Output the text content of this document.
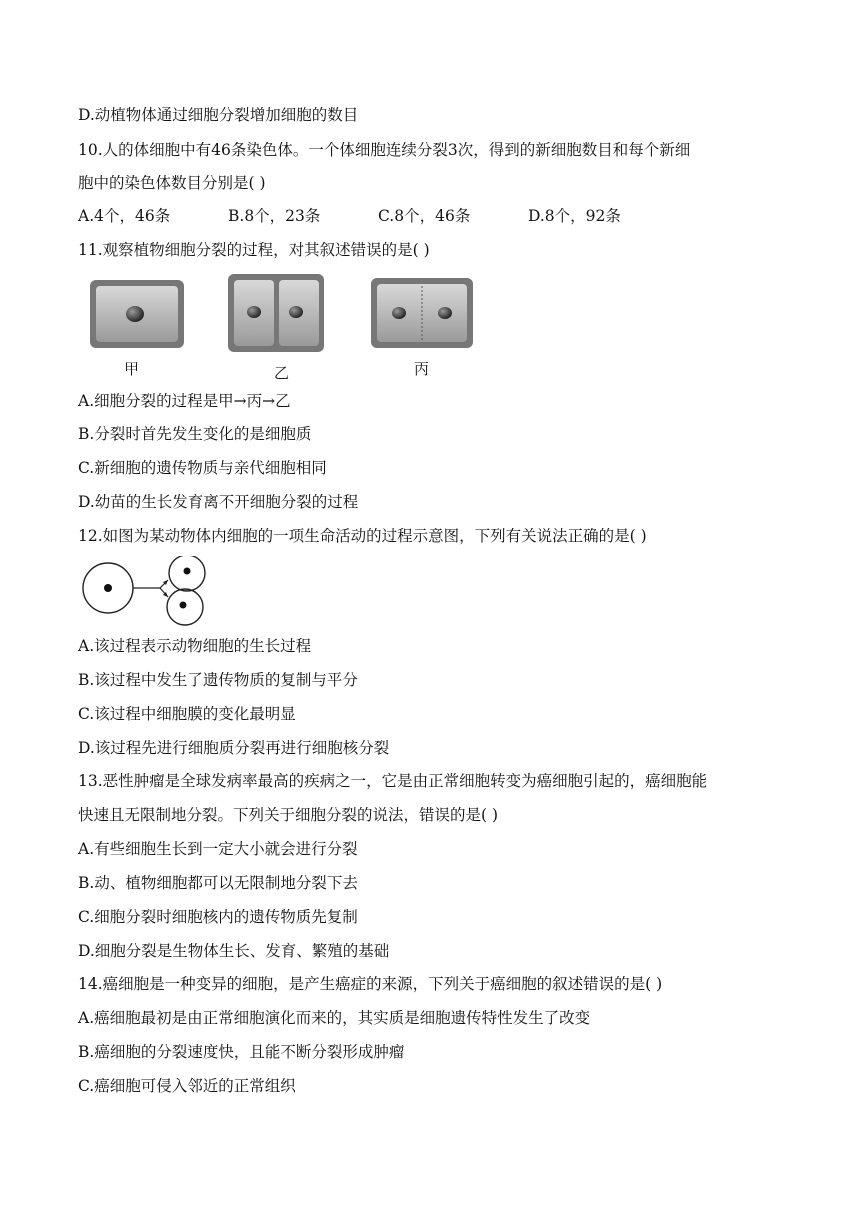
D.动植物体通过细胞分裂增加细胞的数目
10.人的体细胞中有46条染色体。一个体细胞连续分裂3次，得到的新细胞数目和每个新细
胞中的染色体数目分别是( )
A.4个，46条	B.8个，23条	C.8个，46条	D.8个，92条
11.观察植物细胞分裂的过程，对其叙述错误的是( )
甲	乙	丙
A.细胞分裂的过程是甲→丙→乙
B.分裂时首先发生变化的是细胞质
C.新细胞的遗传物质与亲代细胞相同
D.幼苗的生长发育离不开细胞分裂的过程
12.如图为某动物体内细胞的一项生命活动的过程示意图，下列有关说法正确的是( )
A.该过程表示动物细胞的生长过程
B.该过程中发生了遗传物质的复制与平分
C.该过程中细胞膜的变化最明显
D.该过程先进行细胞质分裂再进行细胞核分裂
13.恶性肿瘤是全球发病率最高的疾病之一，它是由正常细胞转变为癌细胞引起的，癌细胞能
快速且无限制地分裂。下列关于细胞分裂的说法，错误的是( )
A.有些细胞生长到一定大小就会进行分裂
B.动、植物细胞都可以无限制地分裂下去
C.细胞分裂时细胞核内的遗传物质先复制
D.细胞分裂是生物体生长、发育、繁殖的基础
14.癌细胞是一种变异的细胞，是产生癌症的来源，下列关于癌细胞的叙述错误的是( )
A.癌细胞最初是由正常细胞演化而来的，其实质是细胞遗传特性发生了改变
B.癌细胞的分裂速度快，且能不断分裂形成肿瘤
C.癌细胞可侵入邻近的正常组织
